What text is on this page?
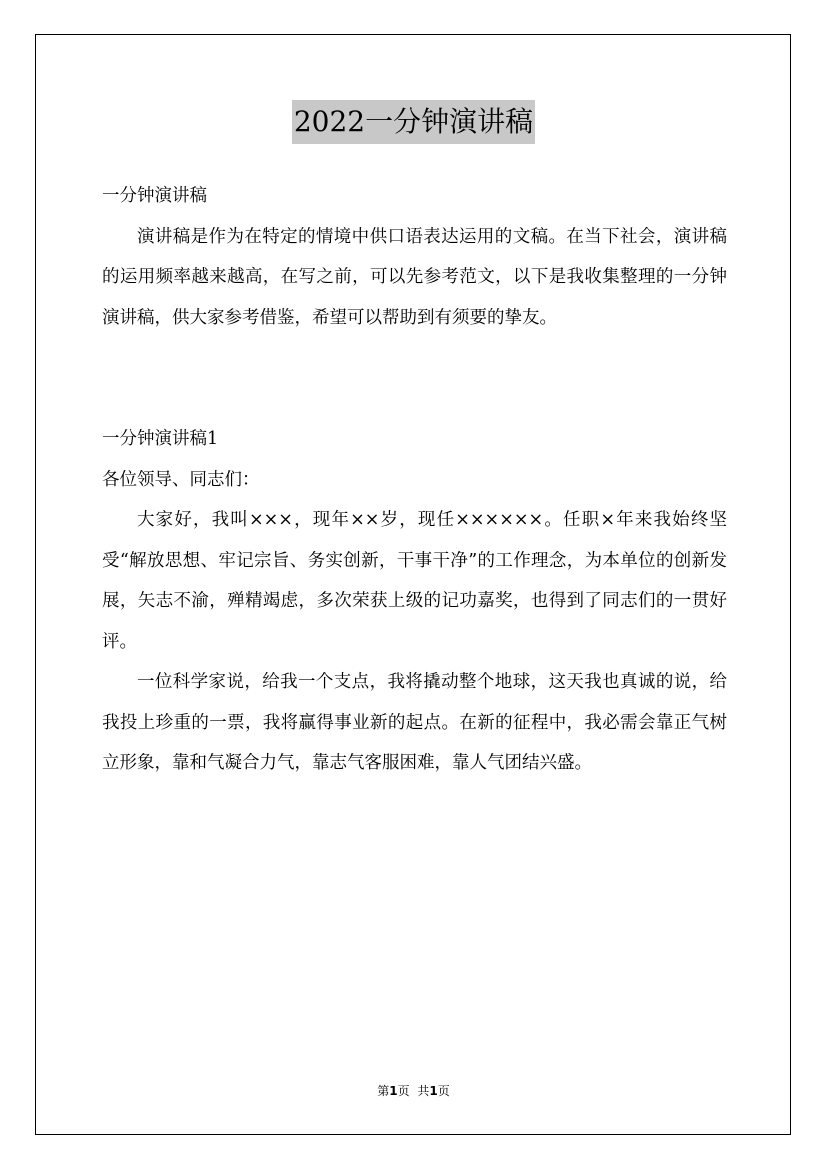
2022一分钟演讲稿

一分钟演讲稿

演讲稿是作为在特定的情境中供口语表达运用的文稿。在当下社会，演讲稿的运用频率越来越高，在写之前，可以先参考范文，以下是我收集整理的一分钟演讲稿，供大家参考借鉴，希望可以帮助到有须要的挚友。

一分钟演讲稿1

各位领导、同志们：

大家好，我叫×××，现年××岁，现任××××××。任职×年来我始终坚受“解放思想、牢记宗旨、务实创新，干事干净”的工作理念，为本单位的创新发展，矢志不渝，殚精竭虑，多次荣获上级的记功嘉奖，也得到了同志们的一贯好评。

一位科学家说，给我一个支点，我将撬动整个地球，这天我也真诚的说，给我投上珍重的一票，我将赢得事业新的起点。在新的征程中，我必需会靠正气树立形象，靠和气凝合力气，靠志气客服困难，靠人气团结兴盛。

第1页 共1页
